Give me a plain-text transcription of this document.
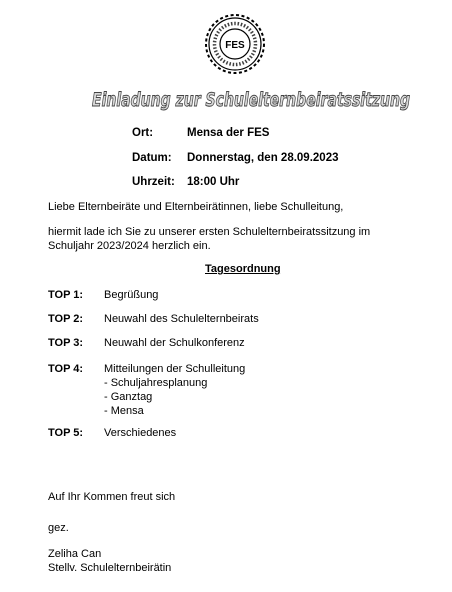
FES
Einladung zur Schulelternbeiratssitzung
Ort:	Mensa der FES
Datum: Donnerstag, den 28.09.2023
Uhrzeit: 18:00 Uhr
Liebe Elternbeiräte und Elternbeirätinnen, liebe Schulleitung,
hiermit lade ich Sie zu unserer ersten Schulelternbeiratssitzung im
Schuljahr 2023/2024 herzlich ein.
Tagesordnung
TOP 1: Begrüßung
TOP 2: Neuwahl des Schulelternbeirats
TOP 3: Neuwahl der Schulkonferenz
TOP 4: Mitteilungen der Schulleitung
- Schuljahresplanung
- Ganztag
- Mensa
TOP 5: Verschiedenes
Auf Ihr Kommen freut sich
gez.
Zeliha Can
Stellv. Schulelternbeirätin
